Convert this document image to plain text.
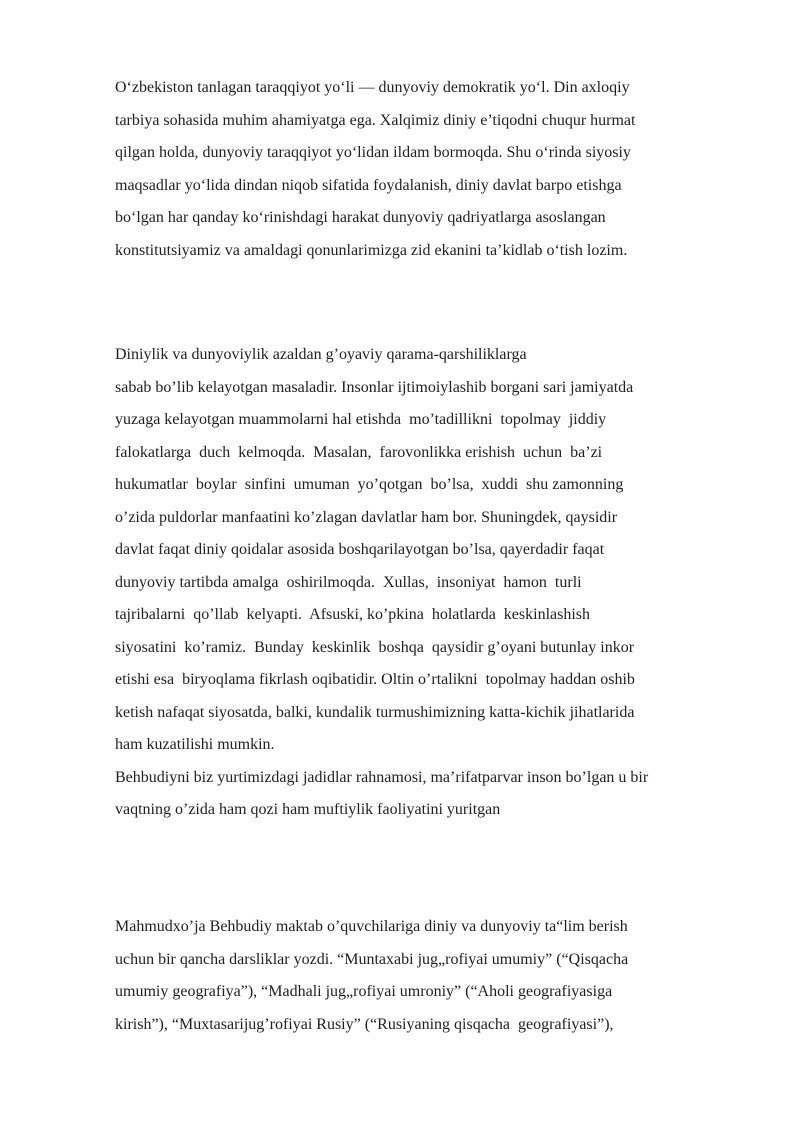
O‘zbekiston tanlagan taraqqiyot yo‘li — dunyoviy demokratik yo‘l. Din axloqiy
tarbiya sohasida muhim ahamiyatga ega. Xalqimiz diniy e’tiqodni chuqur hurmat
qilgan holda, dunyoviy taraqqiyot yo‘lidan ildam bormoqda. Shu o‘rinda siyosiy
maqsadlar yo‘lida dindan niqob sifatida foydalanish, diniy davlat barpo etishga
bo‘lgan har qanday ko‘rinishdagi harakat dunyoviy qadriyatlarga asoslangan
konstitutsiyamiz va amaldagi qonunlarimizga zid ekanini ta’kidlab o‘tish lozim.
Diniylik va dunyoviylik azaldan g’oyaviy qarama-qarshiliklarga
sabab bo’lib kelayotgan masaladir. Insonlar ijtimoiylashib borgani sari jamiyatda
yuzaga kelayotgan muammolarni hal etishda  mo’tadillikni  topolmay  jiddiy
falokatlarga  duch  kelmoqda.  Masalan,  farovonlikka erishish  uchun  ba’zi
hukumatlar  boylar  sinfini  umuman  yo’qotgan  bo’lsa,  xuddi  shu zamonning
o’zida puldorlar manfaatini ko’zlagan davlatlar ham bor. Shuningdek, qaysidir
davlat faqat diniy qoidalar asosida boshqarilayotgan bo’lsa, qayerdadir faqat
dunyoviy tartibda amalga  oshirilmoqda.  Xullas,  insoniyat  hamon  turli
tajribalarni  qo’llab  kelyapti.  Afsuski, ko’pkina  holatlarda  keskinlashish
siyosatini  ko’ramiz.  Bunday  keskinlik  boshqa  qaysidir g’oyani butunlay inkor
etishi esa  biryoqlama fikrlash oqibatidir. Oltin o’rtalikni  topolmay haddan oshib
ketish nafaqat siyosatda, balki, kundalik turmushimizning katta-kichik jihatlarida
ham kuzatilishi mumkin.
Behbudiyni biz yurtimizdagi jadidlar rahnamosi, ma’rifatparvar inson bo’lgan u bir
vaqtning o’zida ham qozi ham muftiylik faoliyatini yuritgan
Mahmudxo’ja Behbudiy maktab o’quvchilariga diniy va dunyoviy ta“lim berish
uchun bir qancha darsliklar yozdi. “Muntaxabi jug„rofiyai umumiy” (“Qisqacha
umumiy geografiya”), “Madhali jug„rofiyai umroniy” (“Aholi geografiyasiga
kirish”), “Muxtasarijug’rofiyai Rusiy” (“Rusiyaning qisqacha  geografiyasi”),
